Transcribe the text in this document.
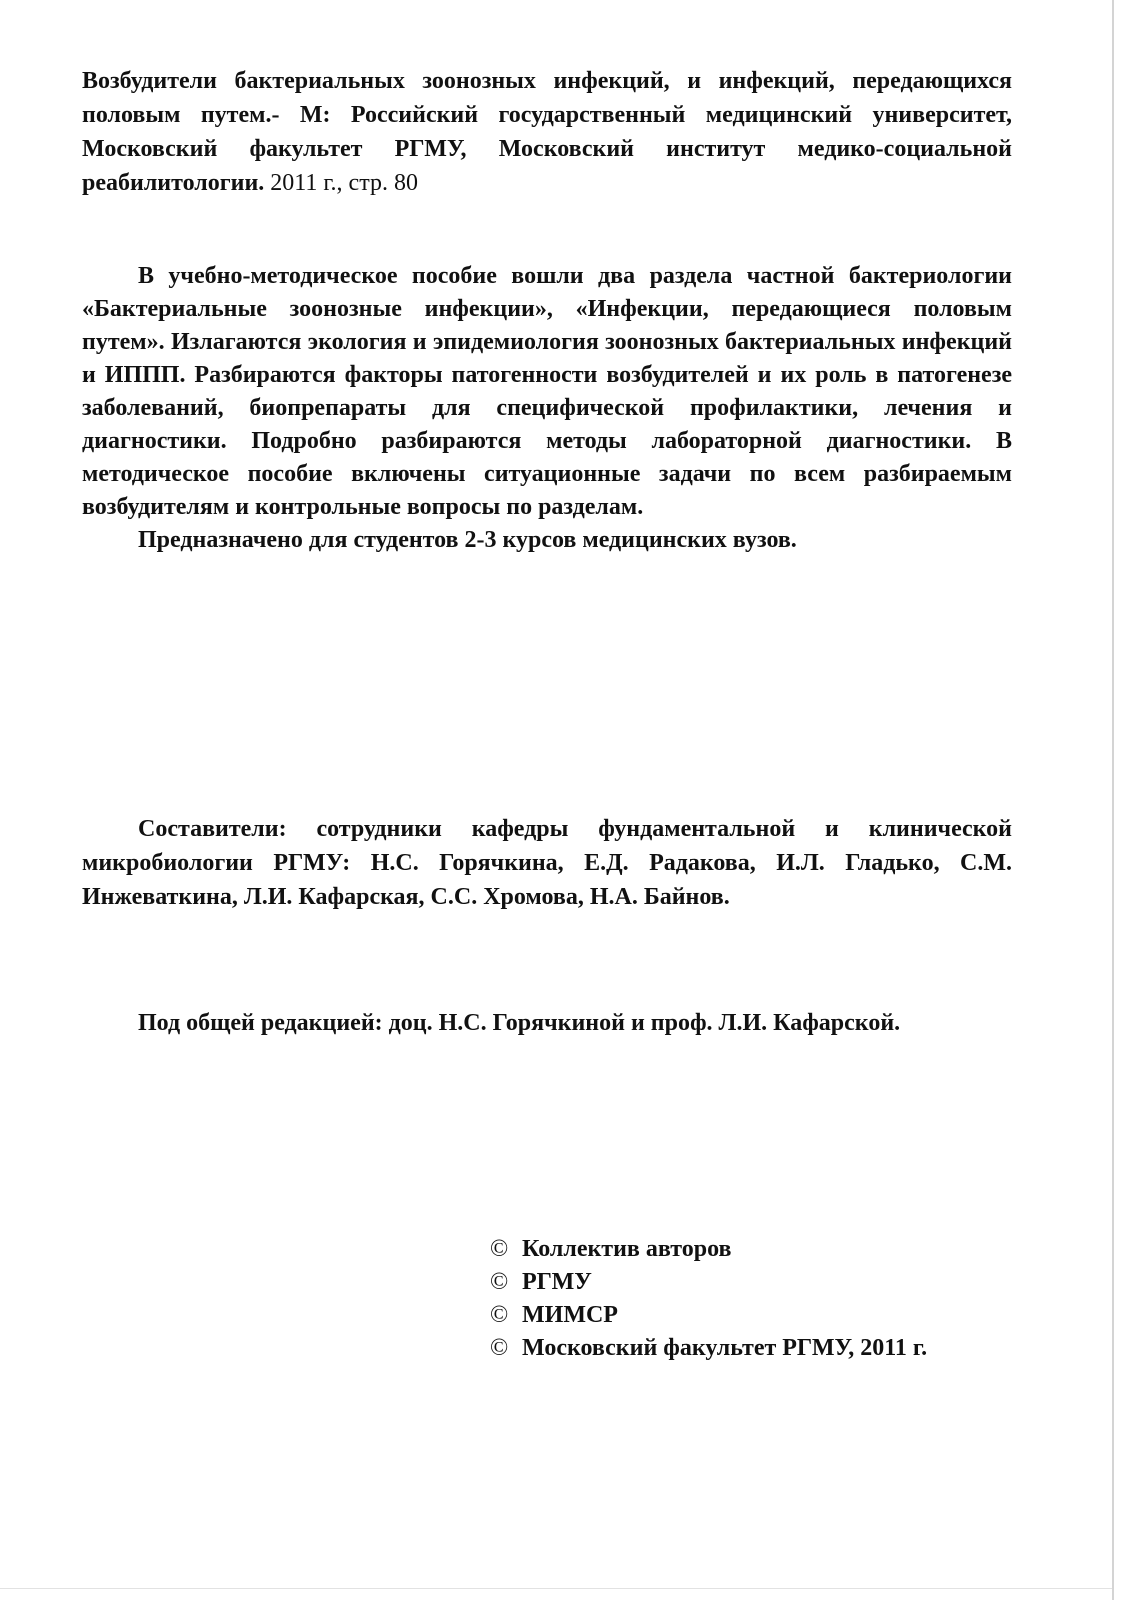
Возбудители бактериальных зоонозных инфекций, и инфекций, передающихся половым путем.- М: Российский государственный медицинский университет, Московский факультет РГМУ, Московский институт медико-социальной реабилитологии. 2011 г., стр. 80

В учебно-методическое пособие вошли два раздела частной бактериологии «Бактериальные зоонозные инфекции», «Инфекции, передающиеся половым путем». Излагаются экология и эпидемиология зоонозных бактериальных инфекций и ИППП. Разбираются факторы патогенности возбудителей и их роль в патогенезе заболеваний, биопрепараты для специфической профилактики, лечения и диагностики. Подробно разбираются методы лабораторной диагностики. В методическое пособие включены ситуационные задачи по всем разбираемым возбудителям и контрольные вопросы по разделам.

Предназначено для студентов 2-3 курсов медицинских вузов.

Составители: сотрудники кафедры фундаментальной и клинической микробиологии РГМУ: Н.С. Горячкина, Е.Д. Радакова, И.Л. Гладько, С.М. Инжеваткина, Л.И. Кафарская, С.С. Хромова, Н.А. Байнов.

Под общей редакцией: доц. Н.С. Горячкиной и проф. Л.И. Кафарской.

© Коллектив авторов
© РГМУ
© МИМСР
© Московский факультет РГМУ, 2011 г.
